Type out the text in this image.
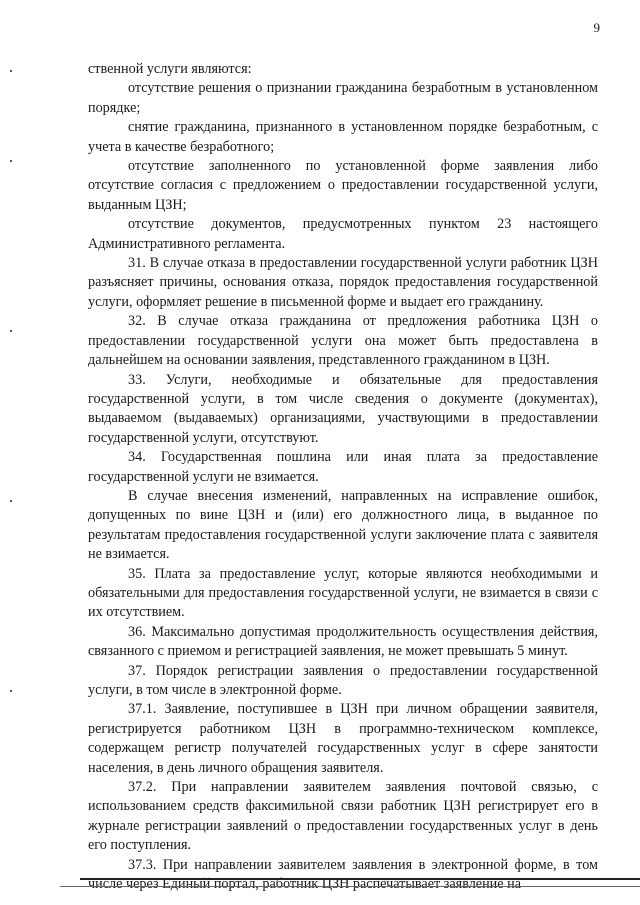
9

ственной услуги являются:

отсутствие решения о признании гражданина безработным в установленном порядке;

снятие гражданина, признанного в установленном порядке безработным, с учета в качестве безработного;

отсутствие заполненного по установленной форме заявления либо отсутствие согласия с предложением о предоставлении государственной услуги, выданным ЦЗН;

отсутствие документов, предусмотренных пунктом 23 настоящего Административного регламента.

31. В случае отказа в предоставлении государственной услуги работник ЦЗН разъясняет причины, основания отказа, порядок предоставления государственной услуги, оформляет решение в письменной форме и выдает его гражданину.

32. В случае отказа гражданина от предложения работника ЦЗН о предоставлении государственной услуги она может быть предоставлена в дальнейшем на основании заявления, представленного гражданином в ЦЗН.

33. Услуги, необходимые и обязательные для предоставления государственной услуги, в том числе сведения о документе (документах), выдаваемом (выдаваемых) организациями, участвующими в предоставлении государственной услуги, отсутствуют.

34. Государственная пошлина или иная плата за предоставление государственной услуги не взимается.

В случае внесения изменений, направленных на исправление ошибок, допущенных по вине ЦЗН и (или) его должностного лица, в выданное по результатам предоставления государственной услуги заключение плата с заявителя не взимается.

35. Плата за предоставление услуг, которые являются необходимыми и обязательными для предоставления государственной услуги, не взимается в связи с их отсутствием.

36. Максимально допустимая продолжительность осуществления действия, связанного с приемом и регистрацией заявления, не может превышать 5 минут.

37. Порядок регистрации заявления о предоставлении государственной услуги, в том числе в электронной форме.

37.1. Заявление, поступившее в ЦЗН при личном обращении заявителя, регистрируется работником ЦЗН в программно-техническом комплексе, содержащем регистр получателей государственных услуг в сфере занятости населения, в день личного обращения заявителя.

37.2. При направлении заявителем заявления почтовой связью, с использованием средств факсимильной связи работник ЦЗН регистрирует его в журнале регистрации заявлений о предоставлении государственных услуг в день его поступления.

37.3. При направлении заявителем заявления в электронной форме, в том числе через Единый портал, работник ЦЗН распечатывает заявление на
